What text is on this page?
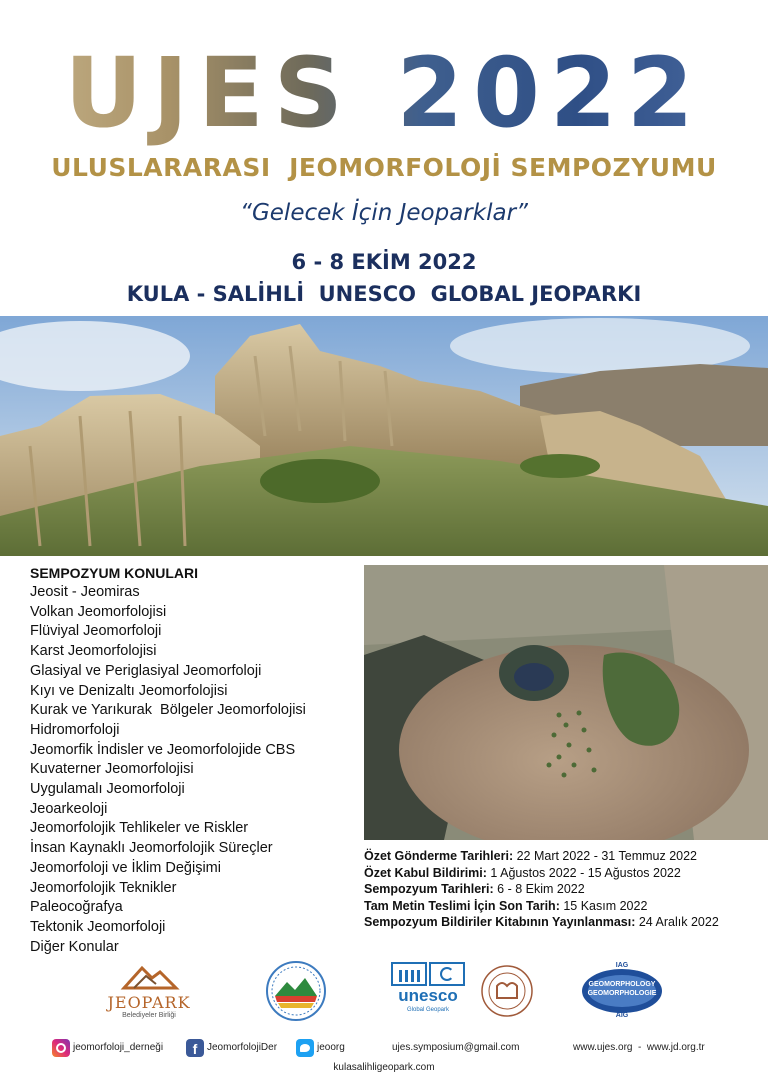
UJES 2022
ULUSLARARASI  JEOMORFOLOJİ SEMPOZYUMU
“Gelecek İçin Jeoparklar”
6 - 8 EKİM 2022
KULA - SALİHLİ  UNESCO  GLOBAL JEOPARKI
SEMPOZYUM KONULARI
Jeosit - Jeomiras
Volkan Jeomorfolojisi
Flüviyal Jeomorfoloji
Karst Jeomorfolojisi
Glasiyal ve Periglasiyal Jeomorfoloji
Kıyı ve Denizaltı Jeomorfolojisi
Kurak ve Yarıkurak  Bölgeler Jeomorfolojisi
Hidromorfoloji
Jeomorfik İndisler ve Jeomorfolojide CBS
Kuvaterner Jeomorfolojisi
Uygulamalı Jeomorfoloji
Jeoarkeoloji
Jeomorfolojik Tehlikeler ve Riskler
İnsan Kaynaklı Jeomorfolojik Süreçler
Jeomorfoloji ve İklim Değişimi
Jeomorfolojik Teknikler
Paleocoğrafya
Tektonik Jeomorfoloji
Diğer Konular
Özet Gönderme Tarihleri: 22 Mart 2022 - 31 Temmuz 2022
Özet Kabul Bildirimi: 1 Ağustos 2022 - 15 Ağustos 2022
Sempozyum Tarihleri: 6 - 8 Ekim 2022
Tam Metin Teslimi İçin Son Tarih: 15 Kasım 2022
Sempozyum Bildiriler Kitabının Yayınlanması: 24 Aralık 2022
JEOPARK
Belediyeler Birliği
unesco
Global Geopark
IAG
GEOMORPHOLOGY
GEOMORPHOLOGIE
AIG
jeomorfoloji_derneği	f JeomorfolojiDer	jeoorg	ujes.symposium@gmail.com	www.ujes.org  -  www.jd.org.tr
kulasalihligeopark.com
